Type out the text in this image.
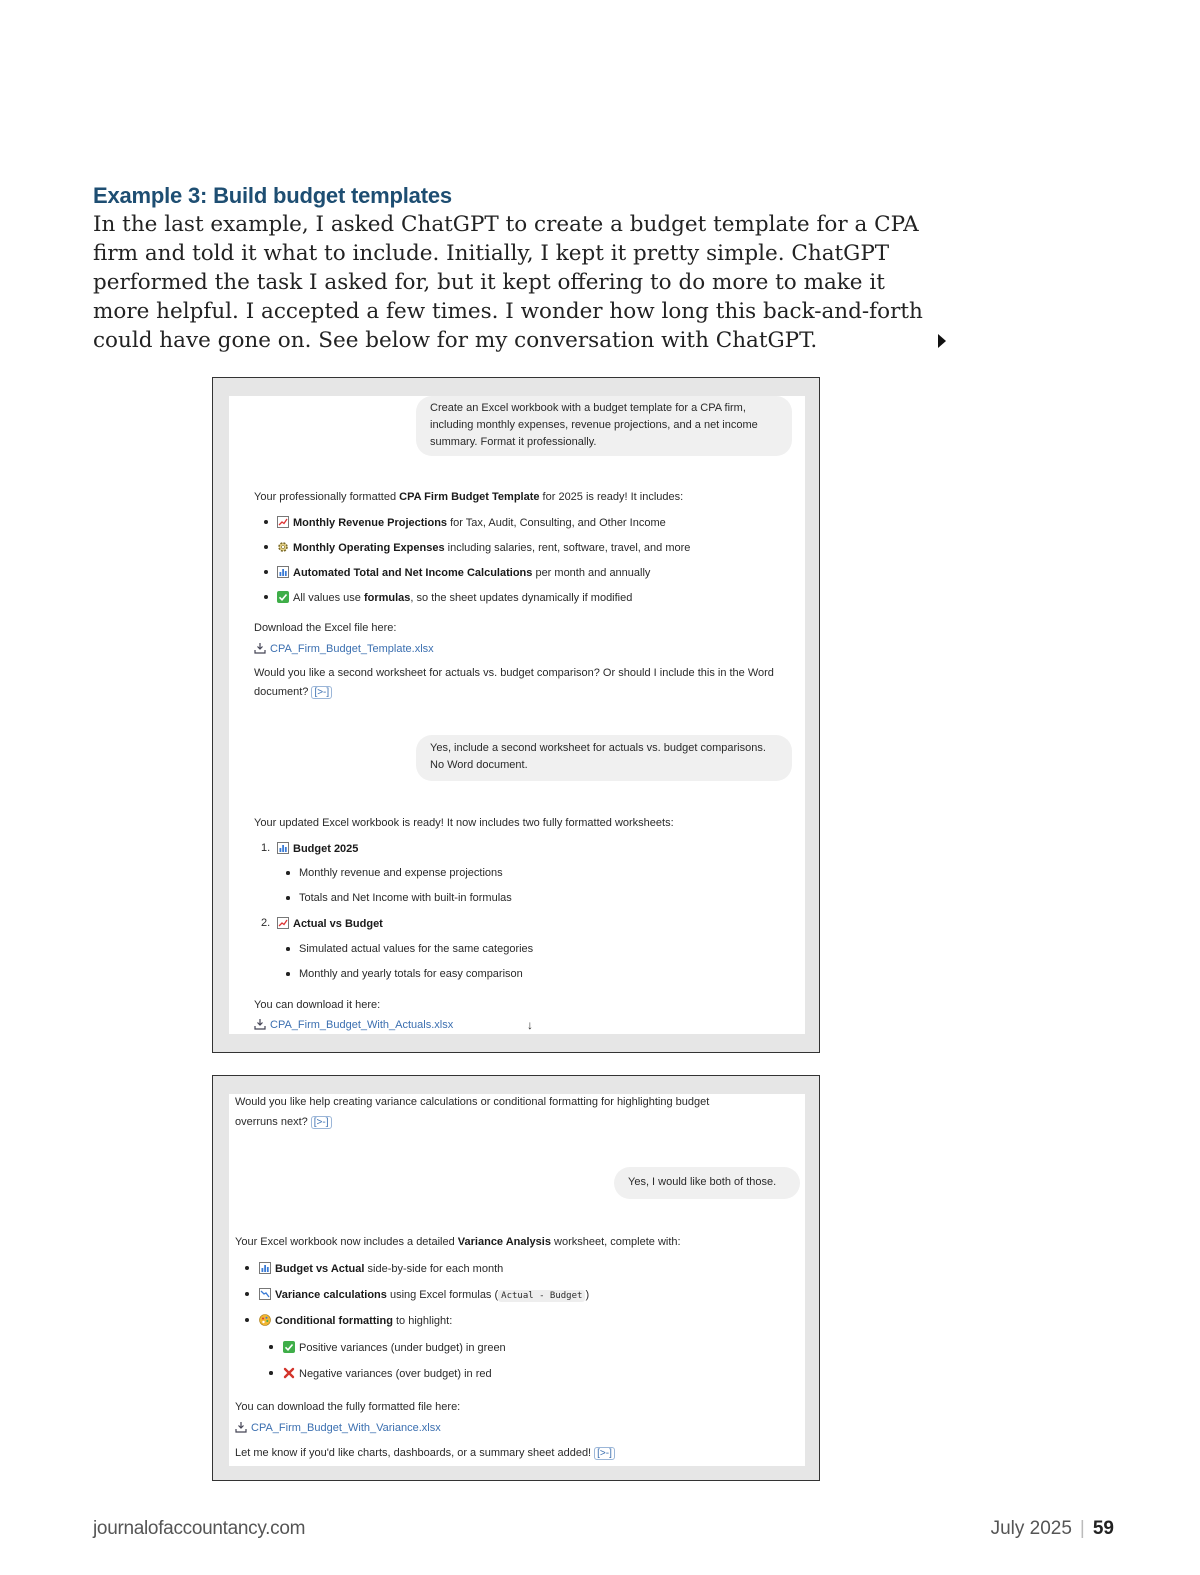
Example 3: Build budget templates

In the last example, I asked ChatGPT to create a budget template for a CPA firm and told it what to include. Initially, I kept it pretty simple. ChatGPT performed the task I asked for, but it kept offering to do more to make it more helpful. I accepted a few times. I wonder how long this back-and-forth could have gone on. See below for my conversation with ChatGPT.

Create an Excel workbook with a budget template for a CPA firm, including monthly expenses, revenue projections, and a net income summary. Format it professionally.
Your professionally formatted CPA Firm Budget Template for 2025 is ready! It includes:
Monthly Revenue Projections for Tax, Audit, Consulting, and Other Income
Monthly Operating Expenses including salaries, rent, software, travel, and more
Automated Total and Net Income Calculations per month and annually
All values use formulas, so the sheet updates dynamically if modified
Download the Excel file here:
CPA_Firm_Budget_Template.xlsx
Would you like a second worksheet for actuals vs. budget comparison? Or should I include this in the Word
document? [>-]
Yes, include a second worksheet for actuals vs. budget comparisons. No Word document.
Your updated Excel workbook is ready! It now includes two fully formatted worksheets:
1.	Budget 2025
Monthly revenue and expense projections
Totals and Net Income with built-in formulas
2.	Actual vs Budget
Simulated actual values for the same categories
Monthly and yearly totals for easy comparison
You can download it here:
CPA_Firm_Budget_With_Actuals.xlsx	↓
Would you like help creating variance calculations or conditional formatting for highlighting budget
overruns next? [>-]
Yes, I would like both of those.
Your Excel workbook now includes a detailed Variance Analysis worksheet, complete with:
Budget vs Actual side-by-side for each month
Variance calculations using Excel formulas ( Actual - Budget )
Conditional formatting to highlight:
Positive variances (under budget) in green
Negative variances (over budget) in red
You can download the fully formatted file here:
CPA_Firm_Budget_With_Variance.xlsx
Let me know if you'd like charts, dashboards, or a summary sheet added! [>-]
journalofaccountancy.com	July 2025 | 59
